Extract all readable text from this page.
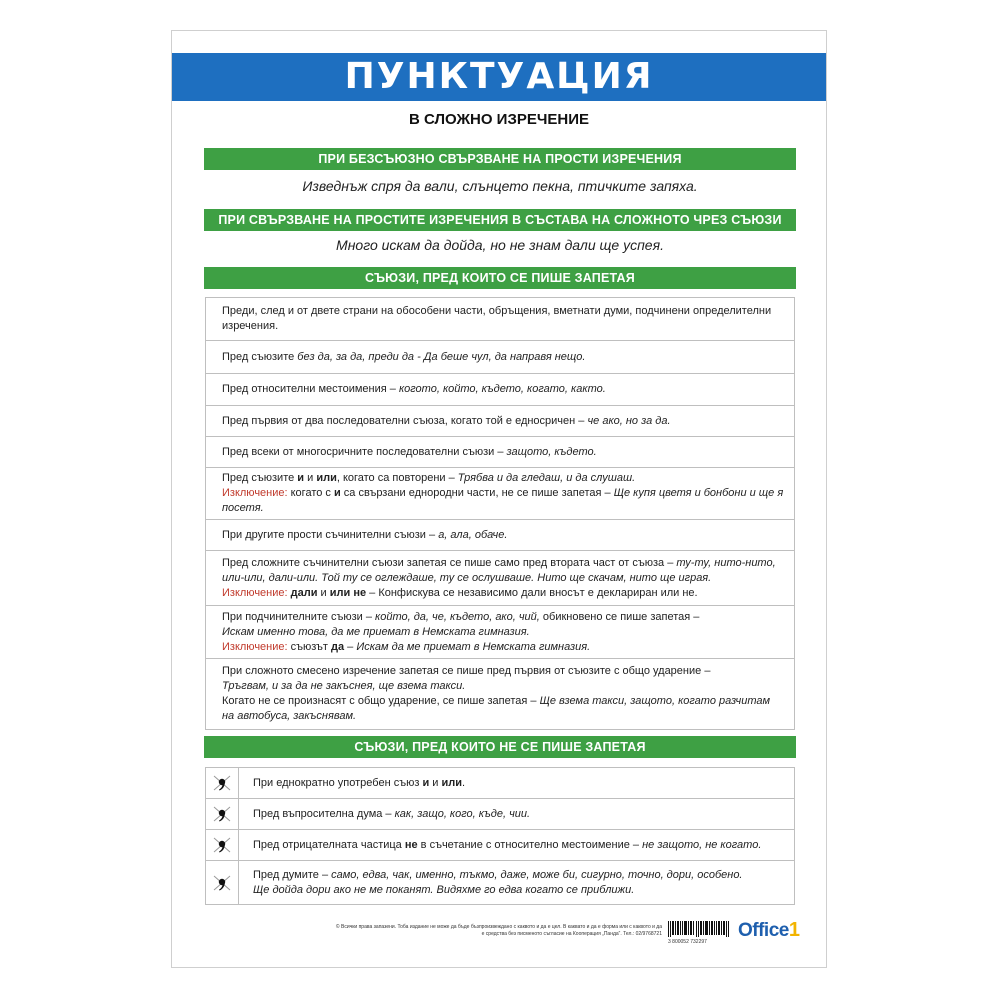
ПУНКТУАЦИЯ
В СЛОЖНО ИЗРЕЧЕНИЕ
ПРИ БЕЗСЪЮЗНО СВЪРЗВАНЕ НА ПРОСТИ ИЗРЕЧЕНИЯ
Изведнъж спря да вали, слънцето пекна, птичките запяха.
ПРИ СВЪРЗВАНЕ НА ПРОСТИТЕ ИЗРЕЧЕНИЯ В СЪСТАВА НА СЛОЖНОТО ЧРЕЗ СЪЮЗИ
Много искам да дойда, но не знам дали ще успея.
СЪЮЗИ, ПРЕД КОИТО СЕ ПИШЕ ЗАПЕТАЯ

Преди, след и от двете страни на обособени части, обръщения, вметнати думи, подчинени определителни изречения.

Пред съюзите без да, за да, преди да - Да беше чул, да направя нещо.

Пред относителни местоимения – когото, който, където, когато, както.

Пред първия от два последователни съюза, когато той е едносричен – че ако, но за да.

Пред всеки от многосричните последователни съюзи – защото, където.

Пред съюзите и и или, когато са повторени – Трябва и да гледаш, и да слушаш.

Изключение: когато с и са свързани еднородни части, не се пише запетая – Ще купя цветя и бонбони и ще я посетя.

При другите прости съчинителни съюзи – а, ала, обаче.

Пред сложните съчинителни съюзи запетая се пише само пред втората част от съюза – ту-ту, нито-нито, или-или, дали-или. Той ту се оглеждаше, ту се ослушваше. Нито ще скачам, нито ще играя.

Изключение: дали и или не – Конфискува се независимо дали вносът е деклариран или не.

При подчинителните съюзи – който, да, че, където, ако, чий, обикновено се пише запетая –

Искам именно това, да ме приемат в Немската гимназия.

Изключение: съюзът да – Искам да ме приемат в Немската гимназия.

При сложното смесено изречение запетая се пише пред първия от съюзите с общо ударение –

Тръгвам, и за да не закъснея, ще взема такси.

Когато не се произнасят с общо ударение, се пише запетая – Ще взема такси, защото, когато разчитам на автобуса, закъснявам.

СЪЮЗИ, ПРЕД КОИТО НЕ СЕ ПИШЕ ЗАПЕТАЯ

При еднократно употребен съюз и и или.

Пред въпросителна дума – как, защо, кого, къде, чии.

Пред отрицателната частица не в съчетание с относително местоимение – не защото, не когато.

Пред думите – само, едва, чак, именно, тъкмо, даже, може би, сигурно, точно, дори, особено.

Ще дойда дори ако не ме поканят. Видяхме го едва когато се приближи.

© Всички права запазени. Тоба издание не може да бъде бъзпроизвеждано с каквото и да е цел. В каквато и да е форма или с каквото и да е средства без писменото съгласие на Кооперация „Панда“. Тел.: 02/9768721
3 800052 732297
Office1
